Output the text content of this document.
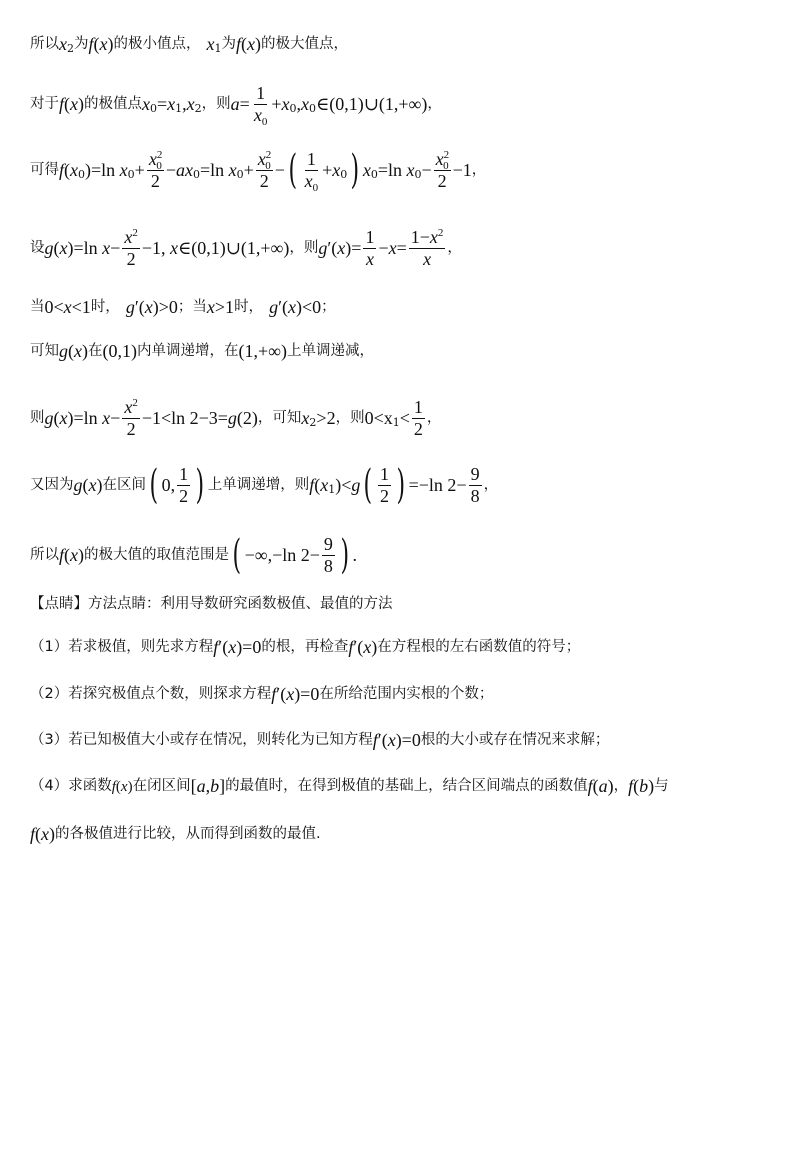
所以 x 2 为 f ( x ) 的极小值点， x 1 为 f ( x ) 的极大值点，
对于 f ( x ) 的极值点 x 0 = x 1 , x 2 ，则 $a = \frac{1}{x_0} + x$ 0 , x 0 ∈(0,1)∪(1,+∞) ，
可得 f ( x 0 )=ln x $0 + \frac{x^2_0}{2}$ − ax 0 =ln x $0 + \frac{x^2_0}{2}$ − ( $\frac{1}{x_0} + x$ 0 ) x 0 =ln x $0 - \frac{x^2_0}{2} -1$ ，
设 g ( x )=ln $x - \frac{x^2}{2} -1$, x ∈(0,1)∪(1,+∞) ，则 g ′( x )= $\frac{1}{x} - x = \frac{1-x^2}{x}$ ，
当 0< x <1 时， g ′( x )>0 ；当 x >1 时， g ′( x )<0 ；
可知 g ( x ) 在 (0,1) 内单调递增，在 (1,+∞) 上单调递减，
则 g ( x )=ln $x - \frac{x^2}{2} -1<\ln$ 2−3= g (2) ，可知 x 2 >2 ，则 0<x $1 < \frac{1}{2}$ ，
又因为 g ( x ) 在区间 ( 0, $\frac{1}{2}$ ) 上单调递增，则 f ( x 1 )< g ( $\frac{1}{2}$ ) =−ln $2- \frac{9}{8}$ ，
所以 f ( x ) 的极大值的取值范围是 ( −∞,−ln $2- \frac{9}{8}$ ) .
【点睛】方法点睛：利用导数研究函数极值、最值的方法
（1）若求极值，则先求方程 f ′( x )=0 的根，再检查 f ′( x ) 在方程根的左右函数值的符号；
（2）若探究极值点个数，则探求方程 f ′( x )=0 在所给范围内实根的个数；
（3）若已知极值大小或存在情况，则转化为已知方程 f ′( x )=0 根的大小或存在情况来求解；
（4）求函数 f ( x ) 在闭区间 [ a , b ] 的最值时，在得到极值的基础上，结合区间端点的函数值 f ( a ) ， f ( b ) 与
f ( x ) 的各极值进行比较，从而得到函数的最值.
